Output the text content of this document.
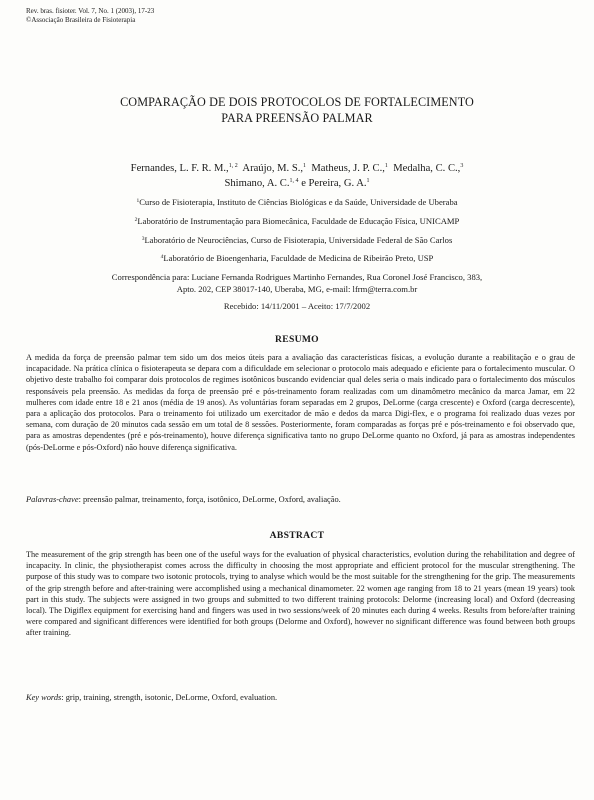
Rev. bras. fisioter. Vol. 7, No. 1 (2003), 17-23
©Associação Brasileira de Fisioterapia
COMPARAÇÃO DE DOIS PROTOCOLOS DE FORTALECIMENTO
PARA PREENSÃO PALMAR
Fernandes, L. F. R. M.,$^{1, 2}$ Araújo, M. S.,$^1$ Matheus, J. P. C.,$^1$ Medalha, C. C.,$^3$
Shimano, A. C.$^{1, 4}$ e Pereira, G. A.$^1$
$^1$Curso de Fisioterapia, Instituto de Ciências Biológicas e da Saúde, Universidade de Uberaba
$^2$Laboratório de Instrumentação para Biomecânica, Faculdade de Educação Física, UNICAMP
$^3$Laboratório de Neurociências, Curso de Fisioterapia, Universidade Federal de São Carlos
$^4$Laboratório de Bioengenharia, Faculdade de Medicina de Ribeirão Preto, USP
Correspondência para: Luciane Fernanda Rodrigues Martinho Fernandes, Rua Coronel José Francisco, 383,
Apto. 202, CEP 38017-140, Uberaba, MG, e-mail: lfrm@terra.com.br
Recebido: 14/11/2001 – Aceito: 17/7/2002
RESUMO
A medida da força de preensão palmar tem sido um dos meios úteis para a avaliação das características físicas, a evolução durante a reabilitação e o grau de incapacidade. Na prática clínica o fisioterapeuta se depara com a dificuldade em selecionar o protocolo mais adequado e eficiente para o fortalecimento muscular. O objetivo deste trabalho foi comparar dois protocolos de regimes isotônicos buscando evidenciar qual deles seria o mais indicado para o fortalecimento dos músculos responsáveis pela preensão. As medidas da força de preensão pré e pós-treinamento foram realizadas com um dinamômetro mecânico da marca Jamar, em 22 mulheres com idade entre 18 e 21 anos (média de 19 anos). As voluntárias foram separadas em 2 grupos, DeLorme (carga crescente) e Oxford (carga decrescente), para a aplicação dos protocolos. Para o treinamento foi utilizado um exercitador de mão e dedos da marca Digi-flex, e o programa foi realizado duas vezes por semana, com duração de 20 minutos cada sessão em um total de 8 sessões. Posteriormente, foram comparadas as forças pré e pós-treinamento e foi observado que, para as amostras dependentes (pré e pós-treinamento), houve diferença significativa tanto no grupo DeLorme quanto no Oxford, já para as amostras independentes (pós-DeLorme e pós-Oxford) não houve diferença significativa.
Palavras-chave: preensão palmar, treinamento, força, isotônico, DeLorme, Oxford, avaliação.
ABSTRACT
The measurement of the grip strength has been one of the useful ways for the evaluation of physical characteristics, evolution during the rehabilitation and degree of incapacity. In clinic, the physiotherapist comes across the difficulty in choosing the most appropriate and efficient protocol for the muscular strengthening. The purpose of this study was to compare two isotonic protocols, trying to analyse which would be the most suitable for the strengthening for the grip. The measurements of the grip strength before and after-training were accomplished using a mechanical dinamometer. 22 women age ranging from 18 to 21 years (mean 19 years) took part in this study. The subjects were assigned in two groups and submitted to two different training protocols: Delorme (increasing local) and Oxford (decreasing local). The Digiflex equipment for exercising hand and fingers was used in two sessions/week of 20 minutes each during 4 weeks. Results from before/after training were compared and significant differences were identified for both groups (Delorme and Oxford), however no significant difference was found between both groups after training.
Key words: grip, training, strength, isotonic, DeLorme, Oxford, evaluation.
